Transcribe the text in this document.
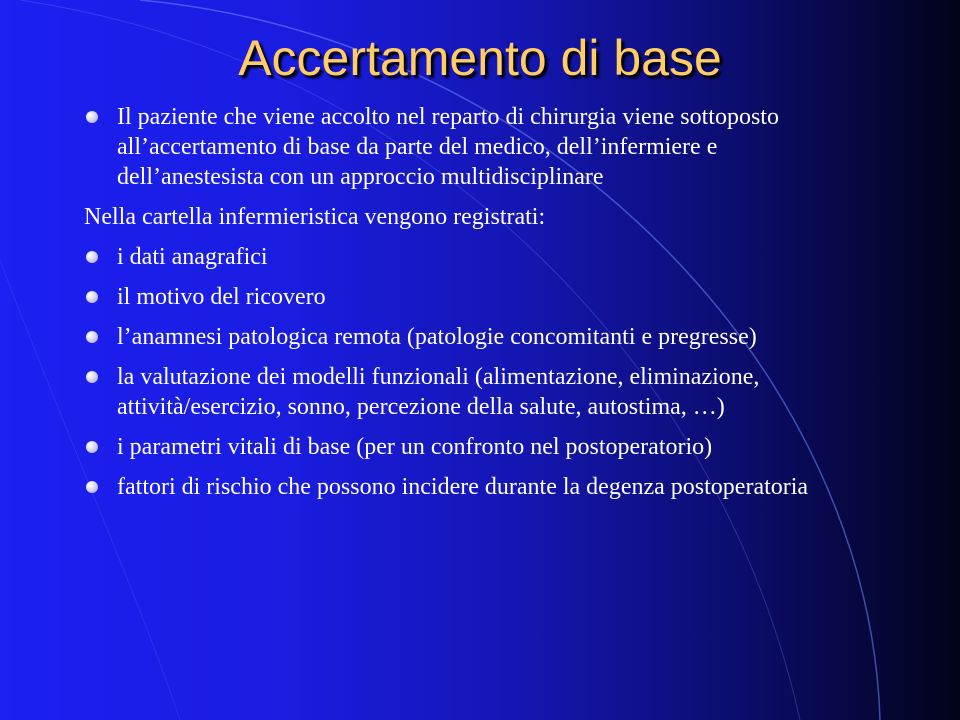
Accertamento di base
Il paziente che viene accolto nel reparto di chirurgia viene sottoposto all’accertamento di base da parte del medico, dell’infermiere e dell’anestesista con un approccio multidisciplinare
Nella cartella infermieristica vengono registrati:
i dati anagrafici
il motivo del ricovero
l’anamnesi patologica remota (patologie concomitanti e pregresse)
la valutazione dei modelli funzionali (alimentazione, eliminazione, attività/esercizio, sonno, percezione della salute, autostima, …)
i parametri vitali di base (per un confronto nel postoperatorio)
fattori di rischio che possono incidere durante la degenza postoperatoria
